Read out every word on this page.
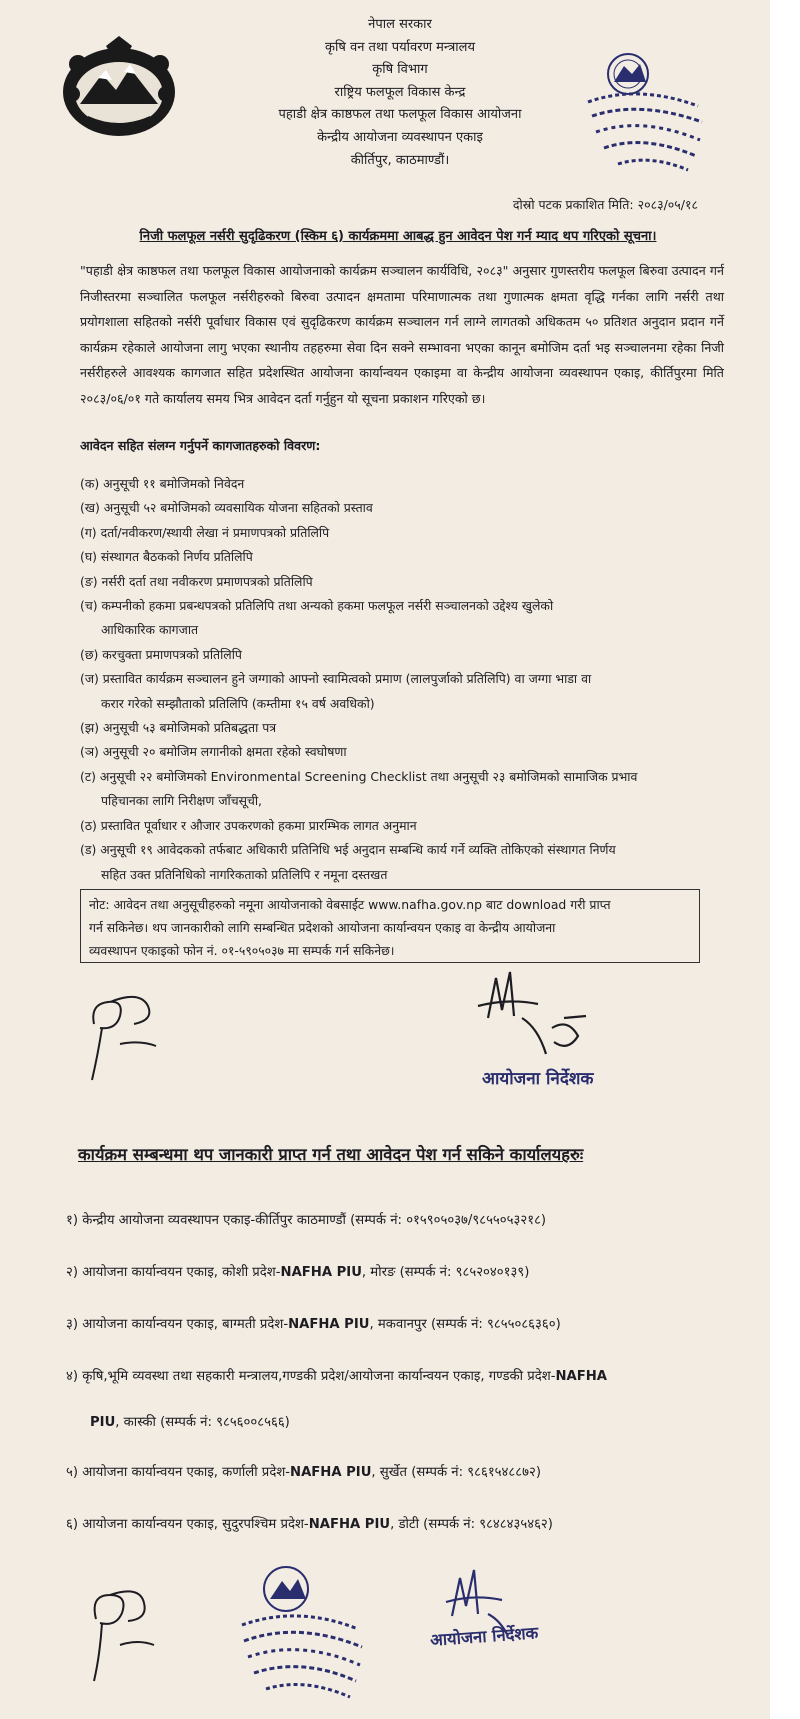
नेपाल सरकार
कृषि वन तथा पर्यावरण मन्त्रालय
कृषि विभाग
राष्ट्रिय फलफूल विकास केन्द्र
पहाडी क्षेत्र काष्ठफल तथा फलफूल विकास आयोजना
केन्द्रीय आयोजना व्यवस्थापन एकाइ
कीर्तिपुर, काठमाण्डौं।
दोस्रो पटक प्रकाशित मिति: २०८३/०५/१८
निजी फलफूल नर्सरी सुदृढिकरण (स्किम ६) कार्यक्रममा आबद्ध हुन आवेदन पेश गर्न म्याद थप गरिएको सूचना।
"पहाडी क्षेत्र काष्ठफल तथा फलफूल विकास आयोजनाको कार्यक्रम सञ्चालन कार्यविधि, २०८३" अनुसार गुणस्तरीय फलफूल बिरुवा उत्पादन गर्न निजीस्तरमा सञ्चालित फलफूल नर्सरीहरुको बिरुवा उत्पादन क्षमतामा परिमाणात्मक तथा गुणात्मक क्षमता वृद्धि गर्नका लागि नर्सरी तथा प्रयोगशाला सहितको नर्सरी पूर्वाधार विकास एवं सुदृढिकरण कार्यक्रम सञ्चालन गर्न लाग्ने लागतको अधिकतम ५० प्रतिशत अनुदान प्रदान गर्ने कार्यक्रम रहेकाले आयोजना लागु भएका स्थानीय तहहरुमा सेवा दिन सक्ने सम्भावना भएका कानून बमोजिम दर्ता भइ सञ्चालनमा रहेका निजी नर्सरीहरुले आवश्यक कागजात सहित प्रदेशस्थित आयोजना कार्यान्वयन एकाइमा वा केन्द्रीय आयोजना व्यवस्थापन एकाइ, कीर्तिपुरमा मिति २०८३/०६/०१ गते कार्यालय समय भित्र आवेदन दर्ता गर्नुहुन यो सूचना प्रकाशन गरिएको छ।
आवेदन सहित संलग्न गर्नुपर्ने कागजातहरुको विवरण:
(क) अनुसूची ११ बमोजिमको निवेदन
(ख) अनुसूची ५२ बमोजिमको व्यवसायिक योजना सहितको प्रस्ताव
(ग) दर्ता/नवीकरण/स्थायी लेखा नं प्रमाणपत्रको प्रतिलिपि
(घ) संस्थागत बैठकको निर्णय प्रतिलिपि
(ङ) नर्सरी दर्ता तथा नवीकरण प्रमाणपत्रको प्रतिलिपि
(च) कम्पनीको हकमा प्रबन्धपत्रको प्रतिलिपि तथा अन्यको हकमा फलफूल नर्सरी सञ्चालनको उद्देश्य खुलेको
आधिकारिक कागजात
(छ) करचुक्ता प्रमाणपत्रको प्रतिलिपि
(ज) प्रस्तावित कार्यक्रम सञ्चालन हुने जग्गाको आफ्नो स्वामित्वको प्रमाण (लालपुर्जाको प्रतिलिपि) वा जग्गा भाडा वा
करार गरेको सम्झौताको प्रतिलिपि (कम्तीमा १५ वर्ष अवधिको)
(झ) अनुसूची ५३ बमोजिमको प्रतिबद्धता पत्र
(ञ) अनुसूची २० बमोजिम लगानीको क्षमता रहेको स्वघोषणा
(ट) अनुसूची २२ बमोजिमको Environmental Screening Checklist तथा अनुसूची २३ बमोजिमको सामाजिक प्रभाव
पहिचानका लागि निरीक्षण जाँचसूची,
(ठ) प्रस्तावित पूर्वाधार र औजार उपकरणको हकमा प्रारम्भिक लागत अनुमान
(ड) अनुसूची १९ आवेदकको तर्फबाट अधिकारी प्रतिनिधि भई अनुदान सम्बन्धि कार्य गर्ने व्यक्ति तोकिएको संस्थागत निर्णय
सहित उक्त प्रतिनिधिको नागरिकताको प्रतिलिपि र नमूना दस्तखत
नोट: आवेदन तथा अनुसूचीहरुको नमूना आयोजनाको वेबसाईट www.nafha.gov.np बाट download गरी प्राप्त
गर्न सकिनेछ। थप जानकारीको लागि सम्बन्धित प्रदेशको आयोजना कार्यान्वयन एकाइ वा केन्द्रीय आयोजना
व्यवस्थापन एकाइको फोन नं. ०१-५९०५०३७ मा सम्पर्क गर्न सकिनेछ।
आयोजना निर्देशक
कार्यक्रम सम्बन्धमा थप जानकारी प्राप्त गर्न तथा आवेदन पेश गर्न सकिने कार्यालयहरुः
१) केन्द्रीय आयोजना व्यवस्थापन एकाइ-कीर्तिपुर काठमाण्डौं (सम्पर्क नं: ०१५९०५०३७/९८५५०५३२१८)
२) आयोजना कार्यान्वयन एकाइ, कोशी प्रदेश-NAFHA PIU, मोरङ (सम्पर्क नं: ९८५२०४०१३९)
३) आयोजना कार्यान्वयन एकाइ, बाग्मती प्रदेश-NAFHA PIU, मकवानपुर (सम्पर्क नं: ९८५५०८६३६०)
४) कृषि,भूमि व्यवस्था तथा सहकारी मन्त्रालय,गण्डकी प्रदेश/आयोजना कार्यान्वयन एकाइ, गण्डकी प्रदेश-NAFHA
PIU, कास्की (सम्पर्क नं: ९८५६००८५६६)
५) आयोजना कार्यान्वयन एकाइ, कर्णाली प्रदेश-NAFHA PIU, सुर्खेत (सम्पर्क नं: ९८६१५४८८७२)
६) आयोजना कार्यान्वयन एकाइ, सुदुरपश्चिम प्रदेश-NAFHA PIU, डोटी (सम्पर्क नं: ९८४८४३५४६२)
आयोजना निर्देशक
